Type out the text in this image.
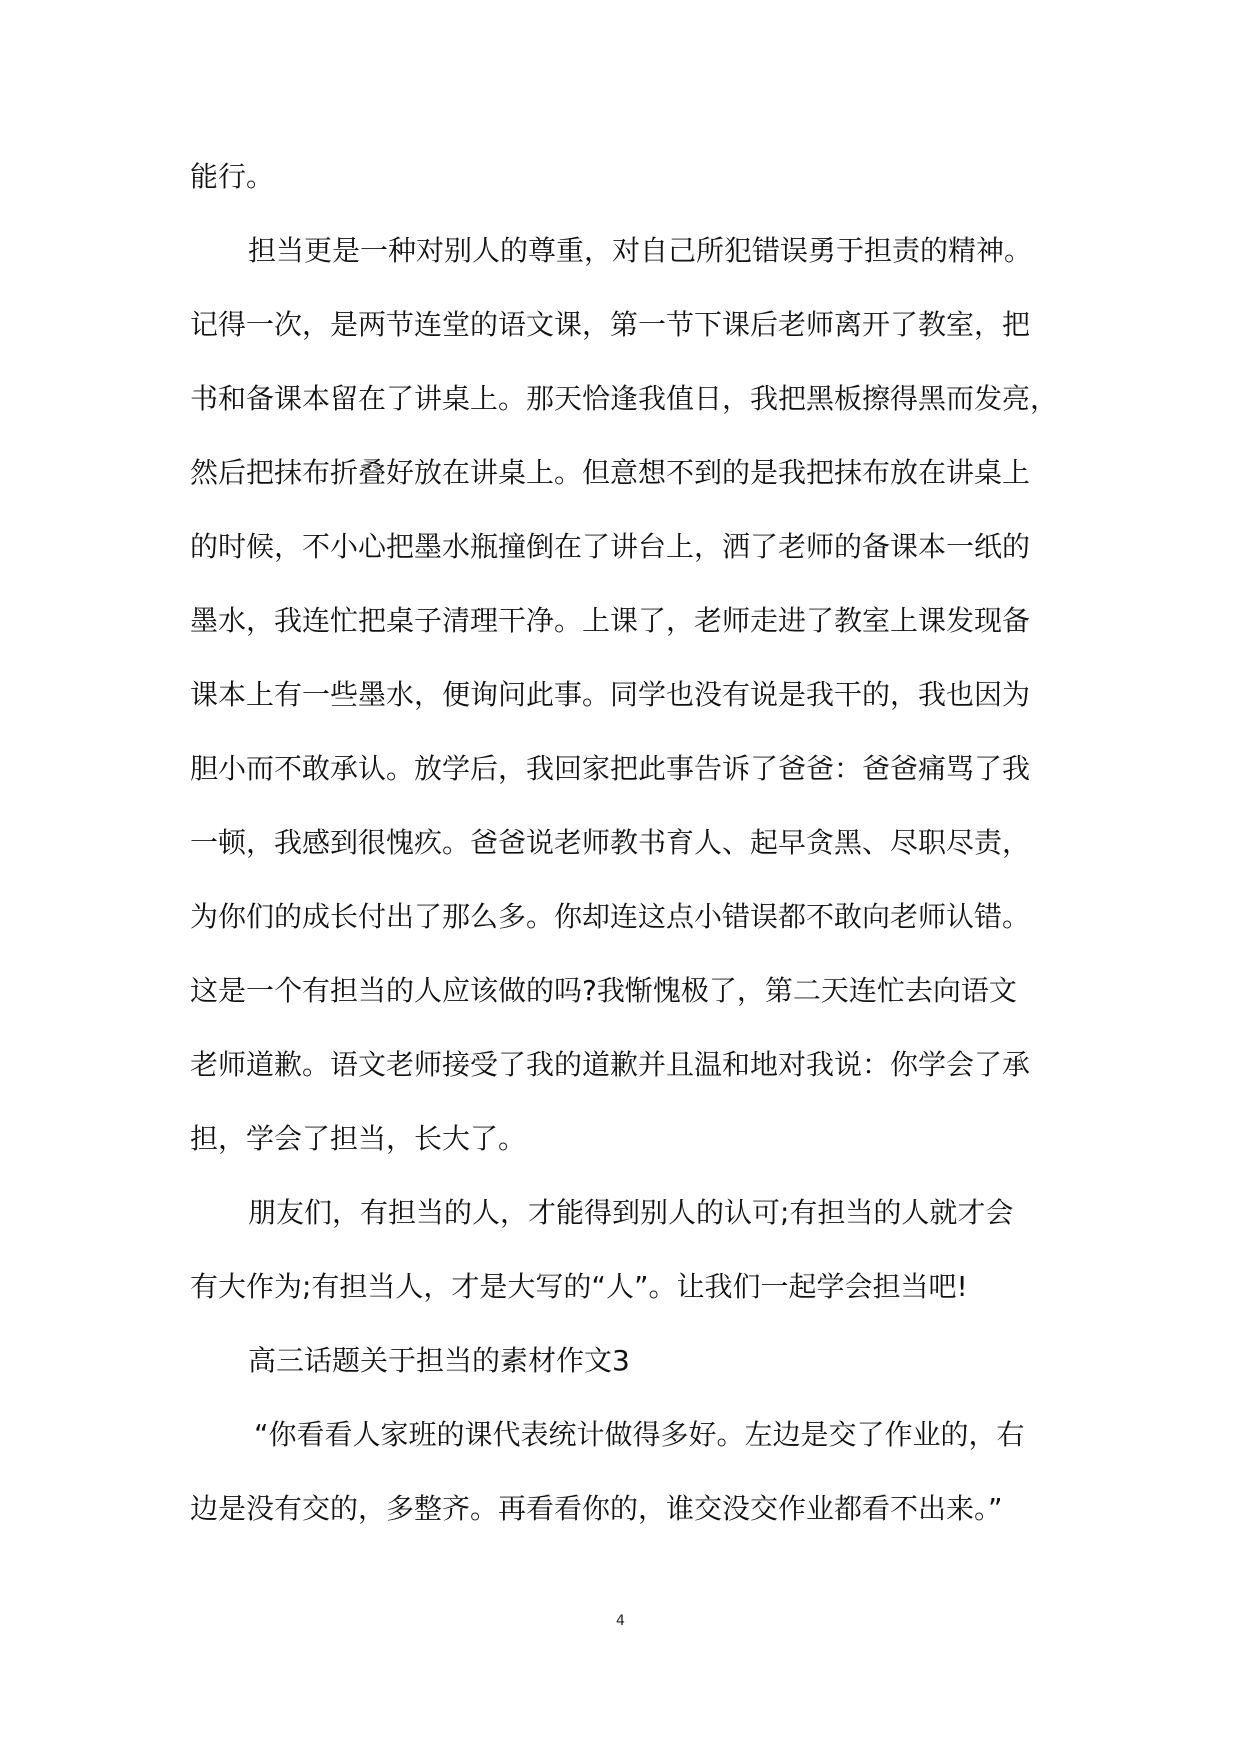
能行。
担当更是一种对别人的尊重，对自己所犯错误勇于担责的精神。
记得一次，是两节连堂的语文课，第一节下课后老师离开了教室，把
书和备课本留在了讲桌上。那天恰逢我值日，我把黑板擦得黑而发亮，
然后把抹布折叠好放在讲桌上。但意想不到的是我把抹布放在讲桌上
的时候，不小心把墨水瓶撞倒在了讲台上，洒了老师的备课本一纸的
墨水，我连忙把桌子清理干净。上课了，老师走进了教室上课发现备
课本上有一些墨水，便询问此事。同学也没有说是我干的，我也因为
胆小而不敢承认。放学后，我回家把此事告诉了爸爸：爸爸痛骂了我
一顿，我感到很愧疚。爸爸说老师教书育人、起早贪黑、尽职尽责，
为你们的成长付出了那么多。你却连这点小错误都不敢向老师认错。
这是一个有担当的人应该做的吗?我惭愧极了，第二天连忙去向语文
老师道歉。语文老师接受了我的道歉并且温和地对我说：你学会了承
担，学会了担当，长大了。
朋友们，有担当的人，才能得到别人的认可;有担当的人就才会
有大作为;有担当人，才是大写的“人”。让我们一起学会担当吧!
高三话题关于担当的素材作文3
“你看看人家班的课代表统计做得多好。左边是交了作业的，右
边是没有交的，多整齐。再看看你的，谁交没交作业都看不出来。”
4
